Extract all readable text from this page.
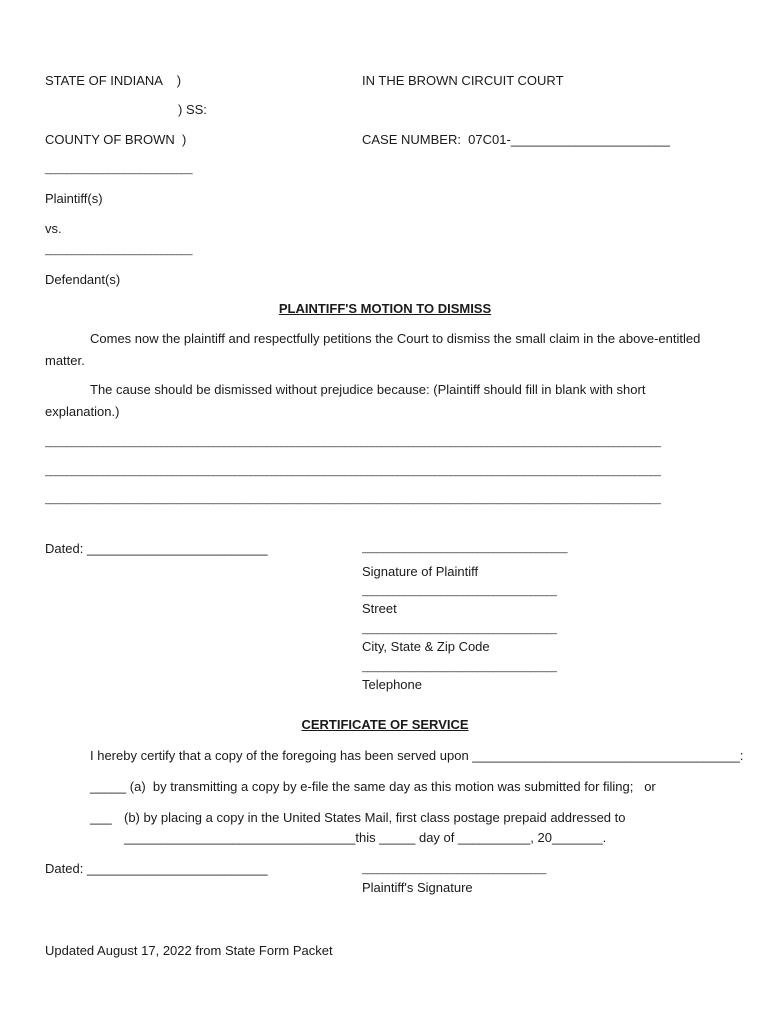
STATE OF INDIANA    )
) SS:
COUNTY OF BROWN  )
IN THE BROWN CIRCUIT COURT
CASE NUMBER:  07C01-______________________
____________________________
Plaintiff(s)
vs.
____________________________
Defendant(s)
PLAINTIFF'S MOTION TO DISMISS
Comes now the plaintiff and respectfully petitions the Court to dismiss the small claim in the above-entitled matter.
The cause should be dismissed without prejudice because: (Plaintiff should fill in blank with short explanation.)
_____________________________________________________________________________________________________________________
_____________________________________________________________________________________________________________________
_____________________________________________________________________________________________________________________
Dated: _________________________	_______________________________________
Signature of Plaintiff
_____________________________________
Street
_____________________________________
City, State & Zip Code
_____________________________________
Telephone
CERTIFICATE OF SERVICE
I hereby certify that a copy of the foregoing has been served upon _____________________________________:
_____ (a)  by transmitting a copy by e-file the same day as this motion was submitted for filing;   or
___ (b) by placing a copy in the United States Mail, first class postage prepaid addressed to
________________________________this _____ day of __________, 20_______.
Dated: _________________________	___________________________________
Plaintiff's Signature
Updated August 17, 2022 from State Form Packet
